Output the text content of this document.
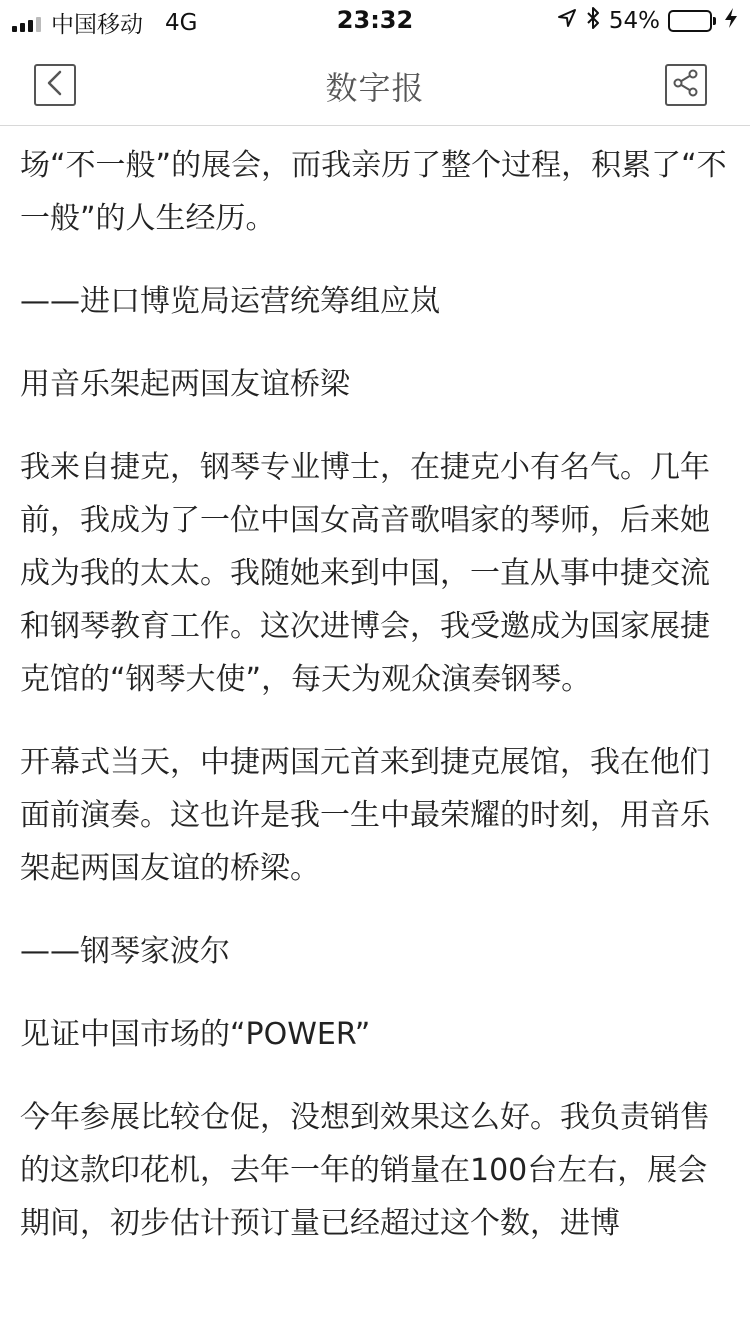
中国移动 4G	23:32	54%
数字报

场“不一般”的展会，而我亲历了整个过程，积累了“不一般”的人生经历。

——进口博览局运营统筹组应岚

用音乐架起两国友谊桥梁

我来自捷克，钢琴专业博士，在捷克小有名气。几年前，我成为了一位中国女高音歌唱家的琴师，后来她成为我的太太。我随她来到中国，一直从事中捷交流和钢琴教育工作。这次进博会，我受邀成为国家展捷克馆的“钢琴大使”，每天为观众演奏钢琴。

开幕式当天，中捷两国元首来到捷克展馆，我在他们面前演奏。这也许是我一生中最荣耀的时刻，用音乐架起两国友谊的桥梁。

——钢琴家波尔

见证中国市场的“POWER”

今年参展比较仓促，没想到效果这么好。我负责销售的这款印花机，去年一年的销量在100台左右，展会期间，初步估计预订量已经超过这个数，进博
